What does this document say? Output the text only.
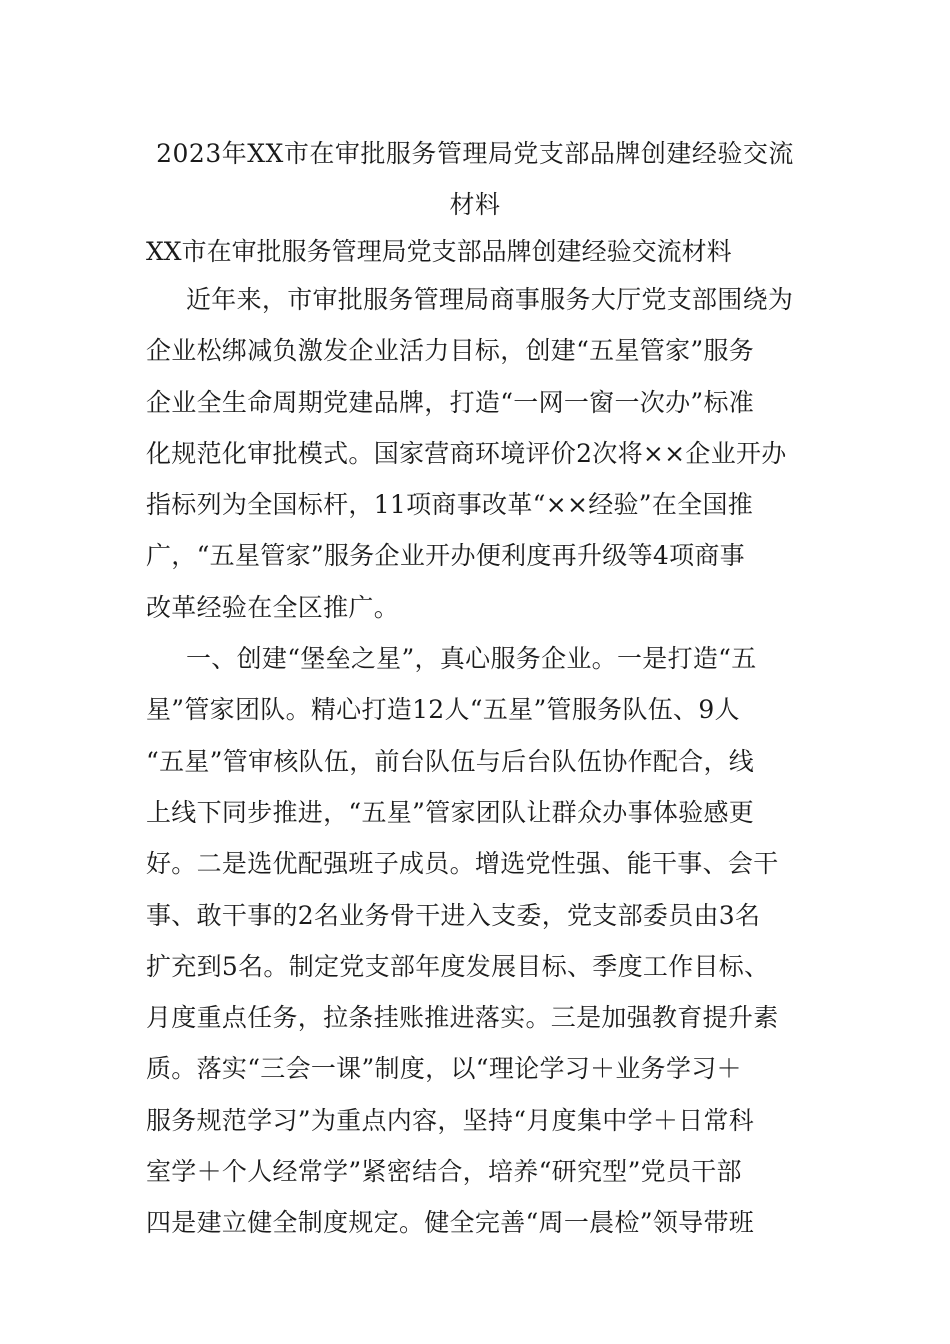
2023年XX市在审批服务管理局党支部品牌创建经验交流
材料
XX市在审批服务管理局党支部品牌创建经验交流材料
近年来，市审批服务管理局商事服务大厅党支部围绕为
企业松绑减负激发企业活力目标，创建“五星管家”服务
企业全生命周期党建品牌，打造“一网一窗一次办”标准
化规范化审批模式。国家营商环境评价2次将××企业开办
指标列为全国标杆，11项商事改革“××经验”在全国推
广，“五星管家”服务企业开办便利度再升级等4项商事
改革经验在全区推广。
一、创建“堡垒之星”，真心服务企业。一是打造“五
星”管家团队。精心打造12人“五星”管服务队伍、9人
“五星”管审核队伍，前台队伍与后台队伍协作配合，线
上线下同步推进，“五星”管家团队让群众办事体验感更
好。二是选优配强班子成员。增选党性强、能干事、会干
事、敢干事的2名业务骨干进入支委，党支部委员由3名
扩充到5名。制定党支部年度发展目标、季度工作目标、
月度重点任务，拉条挂账推进落实。三是加强教育提升素
质。落实“三会一课”制度，以“理论学习＋业务学习＋
服务规范学习”为重点内容，坚持“月度集中学＋日常科
室学＋个人经常学”紧密结合，培养“研究型”党员干部
四是建立健全制度规定。健全完善“周一晨检”领导带班
